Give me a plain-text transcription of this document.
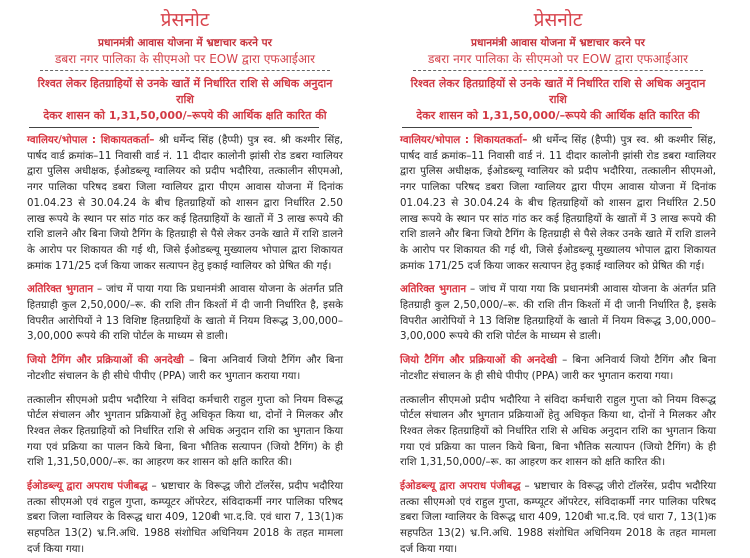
प्रेसनोट
प्रधानमंत्री आवास योजना में भ्रष्टाचार करने पर
डबरा नगर पालिका के सीएमओ पर EOW द्वारा एफआईआर
रिश्वत लेकर हितग्राहियों से उनके खातें में निर्धारित राशि से अधिक अनुदान राशि
देकर शासन को 1,31,50,000/–रूपये की आर्थिक क्षति कारित की

ग्वालियर/भोपाल : शिकायतकर्ता– श्री धर्मेन्द सिंह (हैप्पी) पुत्र स्व. श्री कश्मीर सिंह, पार्षद वार्ड क्रमांक–11 निवासी वार्ड नं. 11 दीदार कालोनी झांसी रोड डबरा ग्वालियर द्वारा पुलिस अधीक्षक, ईओडब्ल्यू ग्वालियर को प्रदीप भदौरिया, तत्कालीन सीएमओ, नगर पालिका परिषद डबरा जिला ग्वालियर द्वारा पीएम आवास योजना में दिनांक 01.04.23 से 30.04.24 के बीच हितग्राहियों को शासन द्वारा निर्धारित 2.50 लाख रूपये के स्थान पर सांठ गांठ कर कई हितग्राहियों के खातों में 3 लाख रूपये की राशि डालने और बिना जियो टैगिंग के हितग्राही से पैसे लेकर उनके खाते में राशि डालने के आरोप पर शिकायत की गई थी, जिसे ईओडब्ल्यू मुख्यालय भोपाल द्वारा शिकायत क्रमांक 171/25 दर्ज किया जाकर सत्यापन हेतु इकाई ग्वालियर को प्रेषित की गई।

अतिरिक्त भुगतान – जांच में पाया गया कि प्रधानमंत्री आवास योजना के अंतर्गत प्रति हितग्राही कुल 2,50,000/–रू. की राशि तीन किश्तों में दी जानी निर्धारित है, इसके विपरीत आरोपियों ने 13 विशिष्ट हितग्राहियों के खातो में नियम विरूद्ध 3,00,000–3,00,000 रूपये की राशि पोर्टल के माध्यम से डाली।

जियो टैगिंग और प्रक्रियाओं की अनदेखी – बिना अनिवार्य जियो टैगिंग और बिना नोटशीट संचालन के ही सीधे पीपीए (PPA) जारी कर भुगतान कराया गया।

तत्कालीन सीएमओ प्रदीप भदौरिया ने संविदा कर्मचारी राहुल गुप्ता को नियम विरूद्ध पोर्टल संचालन और भुगतान प्रक्रियाओं हेतु अधिकृत किया था, दोनों ने मिलकर और रिश्वत लेकर हितग्राहियों को निर्धारित राशि से अधिक अनुदान राशि का भुगतान किया गया एवं प्रक्रिया का पालन किये बिना, बिना भौतिक सत्यापन (जियो टैगिंग) के ही राशि 1,31,50,000/–रू. का आहरण कर शासन को क्षति कारित की।

ईओडब्ल्यू द्वारा अपराध पंजीबद्ध – भ्रष्टाचार के विरूद्ध जीरो टॉलरेंस, प्रदीप भदौरिया तत्का सीएमओ एवं राहुल गुप्ता, कम्प्यूटर ऑपरेटर, संविदाकर्मी नगर पालिका परिषद डबरा जिला ग्वालियर के विरूद्ध धारा 409, 120बी भा.द.वि. एवं धारा 7, 13(1)क सहपठित 13(2) भ्र.नि.अधि. 1988 संशोधित अधिनियम 2018 के तहत मामला दर्ज किया गया।

प्रेसनोट
प्रधानमंत्री आवास योजना में भ्रष्टाचार करने पर
डबरा नगर पालिका के सीएमओ पर EOW द्वारा एफआईआर
रिश्वत लेकर हितग्राहियों से उनके खातें में निर्धारित राशि से अधिक अनुदान राशि
देकर शासन को 1,31,50,000/–रूपये की आर्थिक क्षति कारित की

ग्वालियर/भोपाल : शिकायतकर्ता– श्री धर्मेन्द सिंह (हैप्पी) पुत्र स्व. श्री कश्मीर सिंह, पार्षद वार्ड क्रमांक–11 निवासी वार्ड नं. 11 दीदार कालोनी झांसी रोड डबरा ग्वालियर द्वारा पुलिस अधीक्षक, ईओडब्ल्यू ग्वालियर को प्रदीप भदौरिया, तत्कालीन सीएमओ, नगर पालिका परिषद डबरा जिला ग्वालियर द्वारा पीएम आवास योजना में दिनांक 01.04.23 से 30.04.24 के बीच हितग्राहियों को शासन द्वारा निर्धारित 2.50 लाख रूपये के स्थान पर सांठ गांठ कर कई हितग्राहियों के खातों में 3 लाख रूपये की राशि डालने और बिना जियो टैगिंग के हितग्राही से पैसे लेकर उनके खाते में राशि डालने के आरोप पर शिकायत की गई थी, जिसे ईओडब्ल्यू मुख्यालय भोपाल द्वारा शिकायत क्रमांक 171/25 दर्ज किया जाकर सत्यापन हेतु इकाई ग्वालियर को प्रेषित की गई।

अतिरिक्त भुगतान – जांच में पाया गया कि प्रधानमंत्री आवास योजना के अंतर्गत प्रति हितग्राही कुल 2,50,000/–रू. की राशि तीन किश्तों में दी जानी निर्धारित है, इसके विपरीत आरोपियों ने 13 विशिष्ट हितग्राहियों के खातो में नियम विरूद्ध 3,00,000–3,00,000 रूपये की राशि पोर्टल के माध्यम से डाली।

जियो टैगिंग और प्रक्रियाओं की अनदेखी – बिना अनिवार्य जियो टैगिंग और बिना नोटशीट संचालन के ही सीधे पीपीए (PPA) जारी कर भुगतान कराया गया।

तत्कालीन सीएमओ प्रदीप भदौरिया ने संविदा कर्मचारी राहुल गुप्ता को नियम विरूद्ध पोर्टल संचालन और भुगतान प्रक्रियाओं हेतु अधिकृत किया था, दोनों ने मिलकर और रिश्वत लेकर हितग्राहियों को निर्धारित राशि से अधिक अनुदान राशि का भुगतान किया गया एवं प्रक्रिया का पालन किये बिना, बिना भौतिक सत्यापन (जियो टैगिंग) के ही राशि 1,31,50,000/–रू. का आहरण कर शासन को क्षति कारित की।

ईओडब्ल्यू द्वारा अपराध पंजीबद्ध – भ्रष्टाचार के विरूद्ध जीरो टॉलरेंस, प्रदीप भदौरिया तत्का सीएमओ एवं राहुल गुप्ता, कम्प्यूटर ऑपरेटर, संविदाकर्मी नगर पालिका परिषद डबरा जिला ग्वालियर के विरूद्ध धारा 409, 120बी भा.द.वि. एवं धारा 7, 13(1)क सहपठित 13(2) भ्र.नि.अधि. 1988 संशोधित अधिनियम 2018 के तहत मामला दर्ज किया गया।
